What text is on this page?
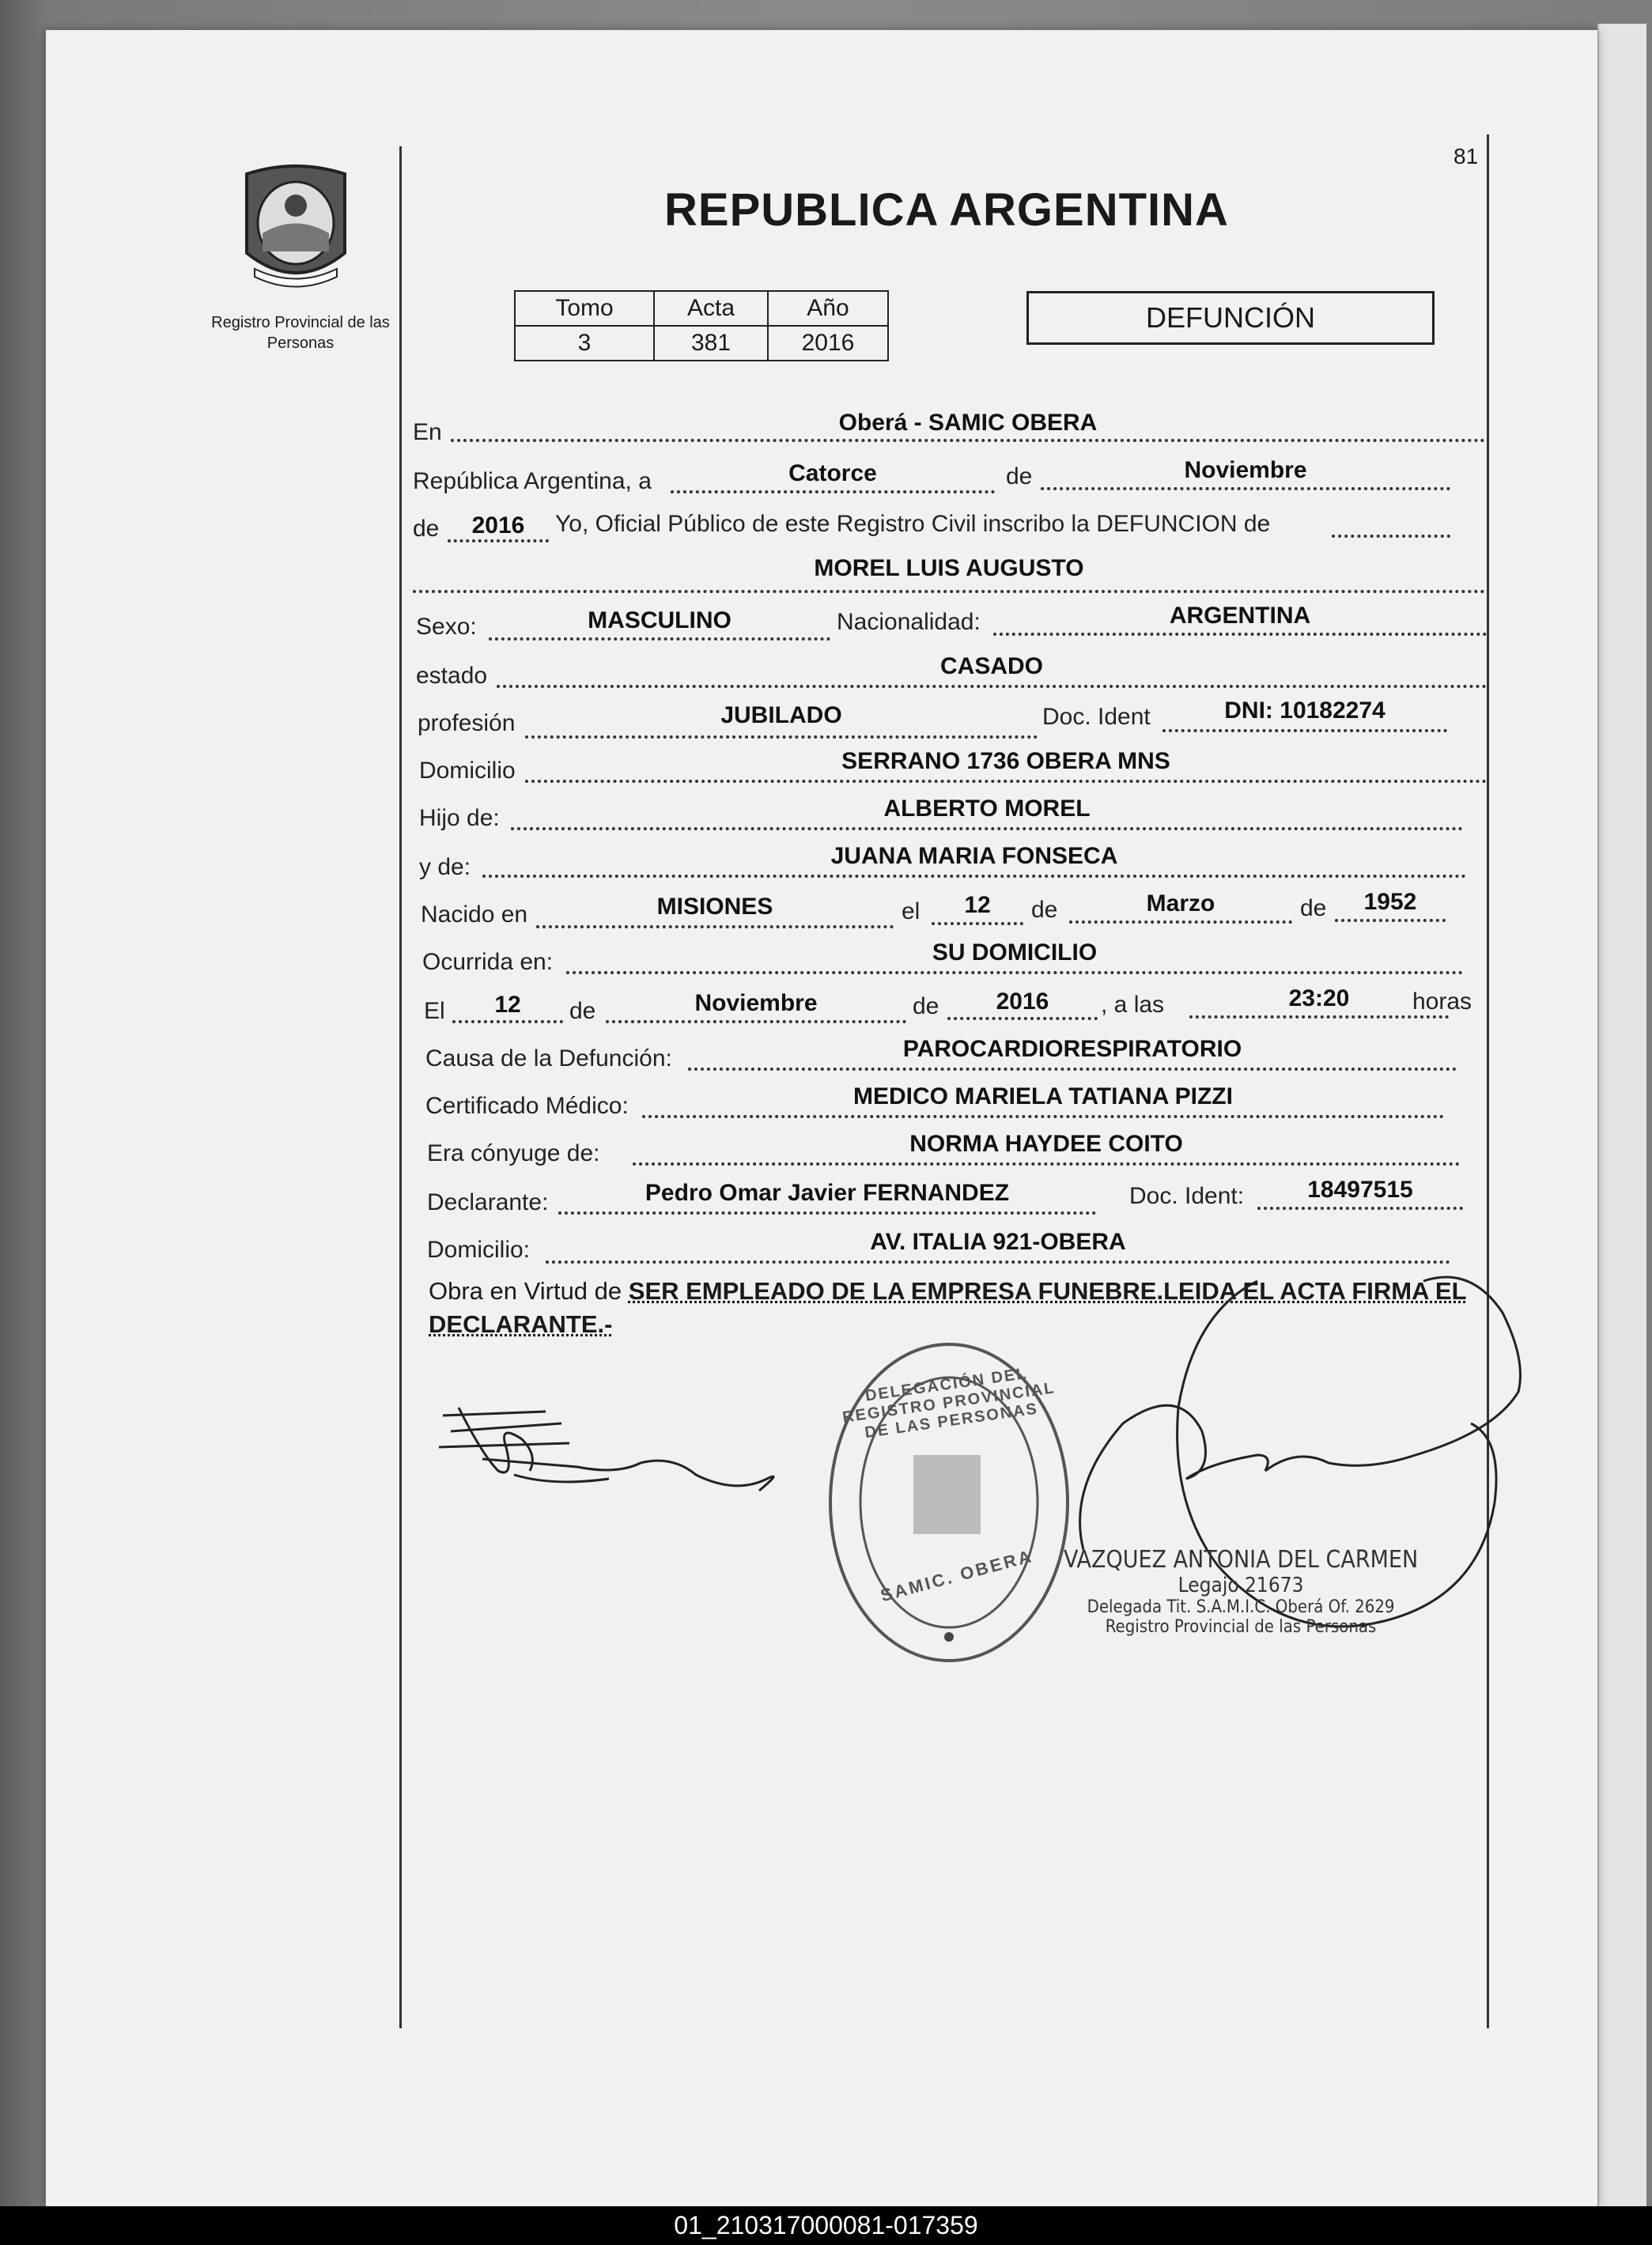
Registro Provincial de las Personas
81
REPUBLICA ARGENTINA
Tomo	Acta	Año
3	381	2016
DEFUNCIÓN
En	Oberá - SAMIC OBERA
República Argentina, a	Catorce	de	Noviembre
de	2016	Yo, Oficial Público de este Registro Civil inscribo la DEFUNCION de
MOREL LUIS AUGUSTO
Sexo:	MASCULINO	Nacionalidad:	ARGENTINA
estado	CASADO
profesión	JUBILADO	Doc. Ident	DNI: 10182274
Domicilio	SERRANO 1736 OBERA MNS
Hijo de:	ALBERTO MOREL
y de:	JUANA MARIA FONSECA
Nacido en	MISIONES	el	12	de	Marzo	de	1952
Ocurrida en:	SU DOMICILIO
El	12	de	Noviembre	de	2016	, a las	23:20	horas
Causa de la Defunción:	PAROCARDIORESPIRATORIO
Certificado Médico:	MEDICO MARIELA TATIANA PIZZI
Era cónyuge de:	NORMA HAYDEE COITO
Declarante:	Pedro Omar Javier FERNANDEZ	Doc. Ident:	18497515
Domicilio:	AV. ITALIA 921-OBERA
Obra en Virtud de SER EMPLEADO DE LA EMPRESA FUNEBRE.LEIDA EL ACTA FIRMA EL DECLARANTE.-
DELEGACIÓN DEL REGISTRO PROVINCIAL DE LAS PERSONAS
SAMIC. OBERA VAZQUEZ ANTONIA DEL CARMEN
Legajo 21673
Delegada Tit. S.A.M.I.C. Oberá Of. 2629
Registro Provincial de las Personas
01_210317000081-017359
